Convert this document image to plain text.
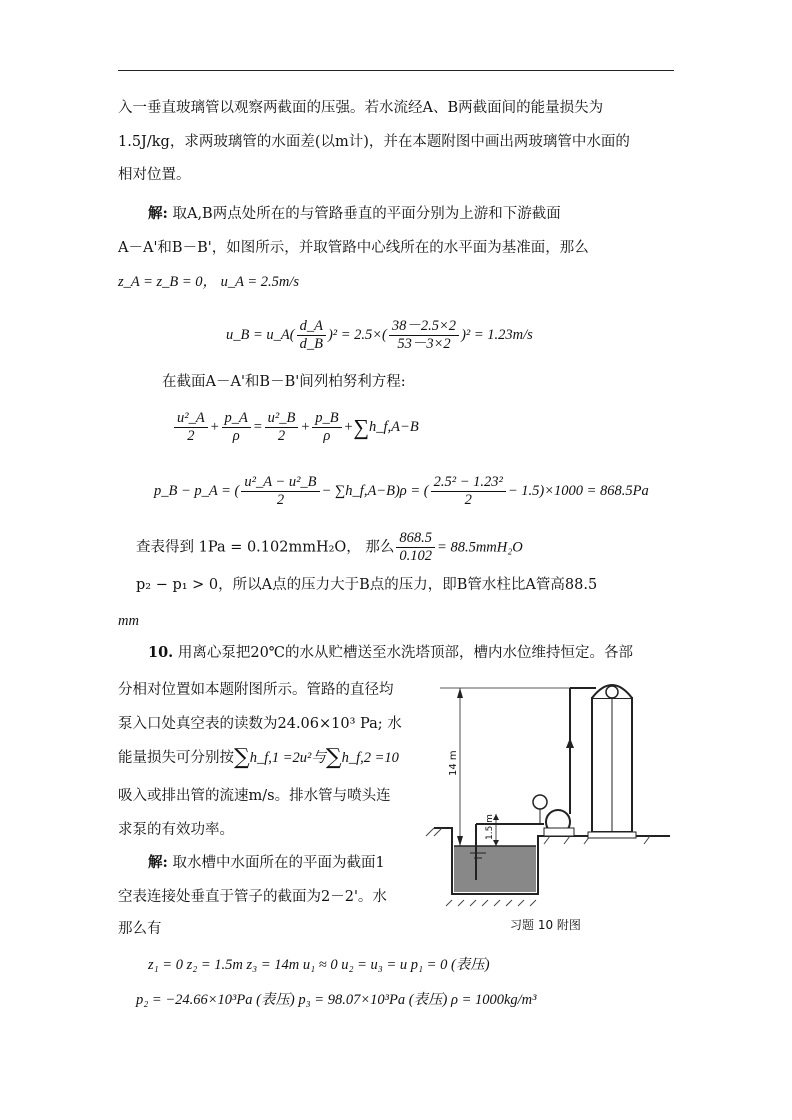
入一垂直玻璃管以观察两截面的压强。若水流经A、B两截面间的能量损失为
1.5J/kg，求两玻璃管的水面差(以m计)，并在本题附图中画出两玻璃管中水面的
相对位置。
解: 取A,B两点处所在的与管路垂直的平面分别为上游和下游截面
A－A'和B－B'，如图所示，并取管路中心线所在的水平面为基准面，那么
z_A = z_B = 0， u_A = 2.5m/s
u_B = u_A( $\frac{d\_A}{d\_B} )^2 = 2.5\times( \frac{38-2.5\times 2}{53-3\times 2} )^2 = 1.23m/s$
在截面A－A'和B－B'间列柏努利方程:
$\frac{\text{u²\_A}}{2} + \frac{p\_A}{\rho} = \frac{\text{u²\_B}}{2} + \frac{p\_B}{\rho}$ +∑h_f,A−B
p_B − p_A = ( $\frac{\text{u²\_A − u²\_B}}{2}$ − ∑h_f,A−B)ρ = ( $\frac{\text{2.5² − 1.23²}}{2} - 1.5)\times 1000 = 868.5Pa$
查表得到 1Pa = 0.102mmH₂O， 那么 $\frac{868.5}{0.102} = 88.5mmH_2O$
p₂ − p₁ > 0，所以A点的压力大于B点的压力，即B管水柱比A管高88.5
mm
10. 用离心泵把20℃的水从贮槽送至水洗塔顶部，槽内水位维持恒定。各部
分相对位置如本题附图所示。管路的直径均
泵入口处真空表的读数为24.06×10³ Pa; 水
能量损失可分别按∑h_f,1 =2u²与∑h_f,2 =10
吸入或排出管的流速m/s。排水管与喷头连
求泵的有效功率。
解: 取水槽中水面所在的平面为截面1
空表连接处垂直于管子的截面为2－2'。水
那么有
z₁ = 0 z₂ = 1.5m z₃ = 14m u₁ ≈ 0 u₂ = u₃ = u p₁ = 0 (表压)
p₂ = −24.66×10³Pa (表压) p₃ = 98.07×10³Pa (表压) ρ = 1000kg/m³
14 m
1.5 m
习题 10 附图
